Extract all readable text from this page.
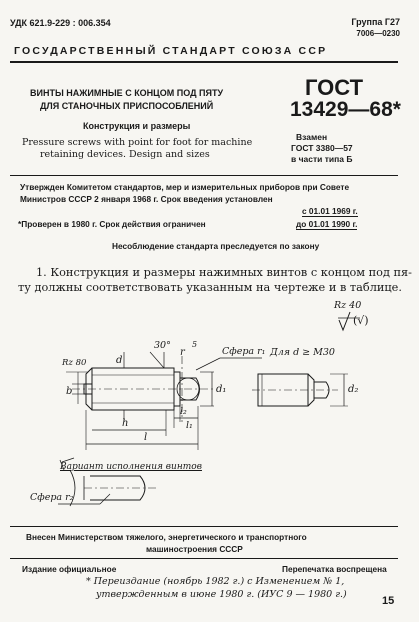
УДК 621.9-229 : 006.354	Группа Г27
7006—0230
ГОСУДАРСТВЕННЫЙ СТАНДАРТ СОЮЗА ССР
ВИНТЫ НАЖИМНЫЕ С КОНЦОМ ПОД ПЯТУ
ДЛЯ СТАНОЧНЫХ ПРИСПОСОБЛЕНИЙ
Конструкция и размеры
Pressure screws with point for foot for machine
retaining devices. Design and sizes
ГОСТ
13429—68*
Взамен
ГОСТ 3380—57
в части типа Б
Утвержден Комитетом стандартов, мер и измерительных приборов при Совете
Министров СССР 2 января 1968 г. Срок введения установлен
с 01.01 1969 г.
*Проверен в 1980 г. Срок действия ограничен	до 01.01 1990 г.
Несоблюдение стандарта преследуется по закону
1. Конструкция и размеры нажимных винтов с концом под пя-
ту должны соответствовать указанным на чертеже и в таблице.
Rz 40
(√)
30°
r
5
Сфера r₁ Для d ≥ М30
Rz 80	d
d₁	d₂
b
h
l
l₁
l₂
Вариант исполнения винтов
Сфера r₂
Внесен Министерством тяжелого, энергетического и транспортного
машиностроения СССР
Издание официальное	Перепечатка воспрещена
* Переиздание (ноябрь 1982 г.) с Изменением № 1,
утвержденным в июне 1980 г. (ИУС 9 — 1980 г.)
15
